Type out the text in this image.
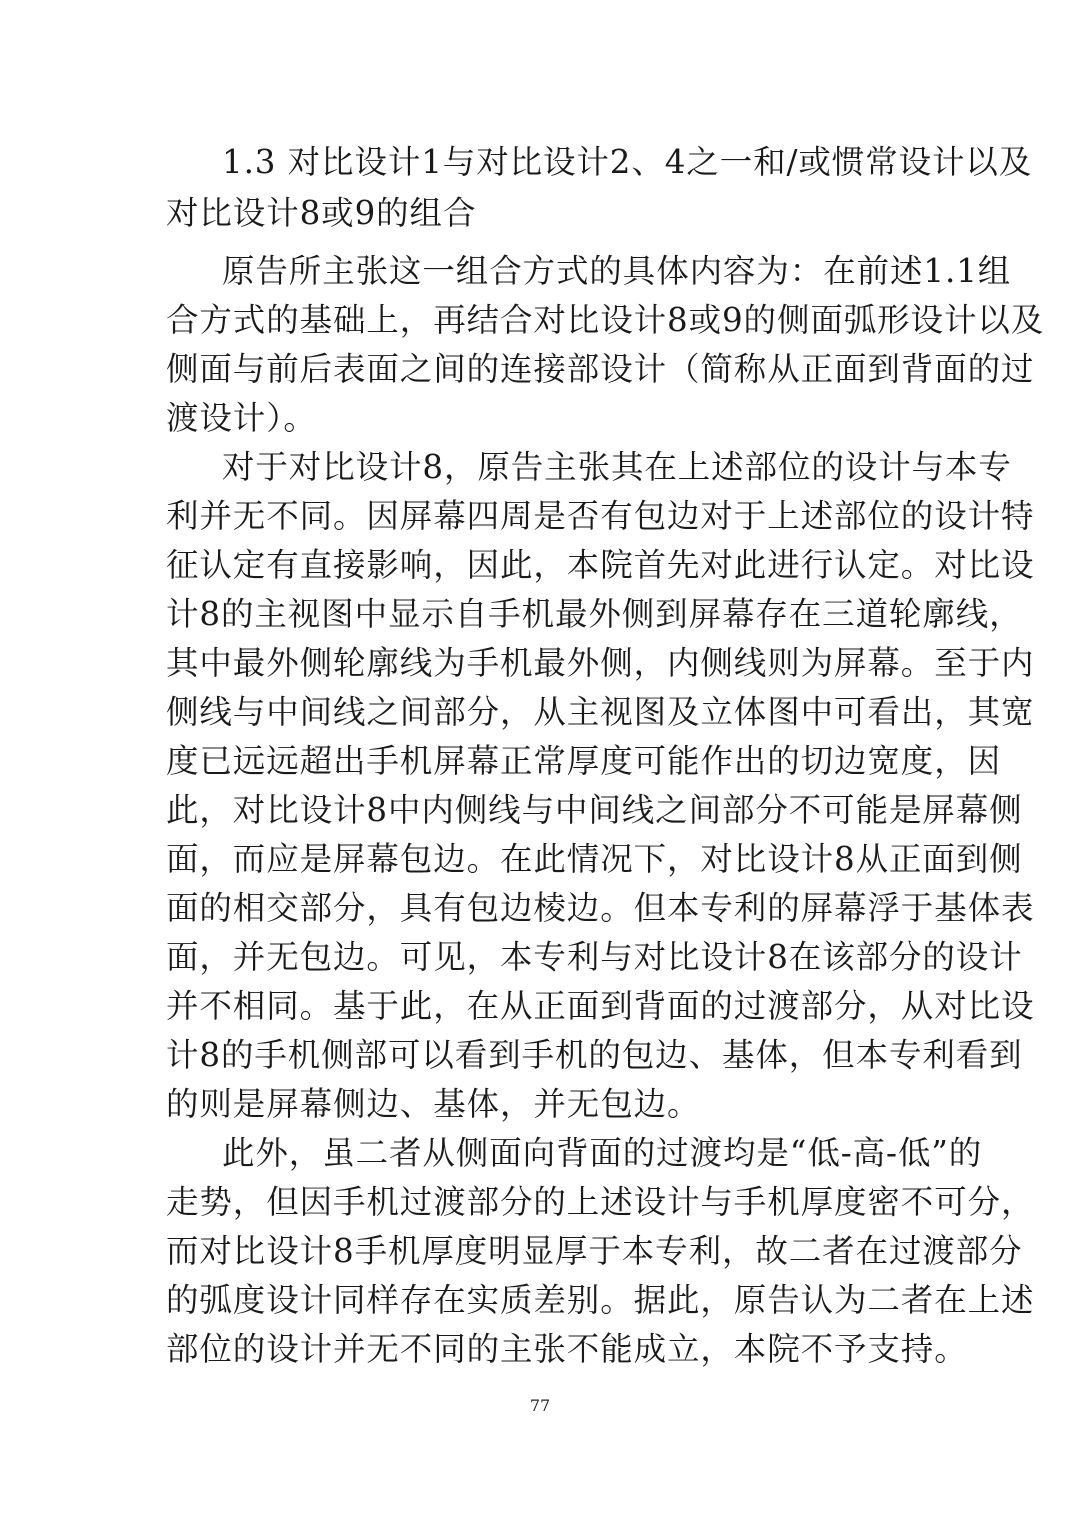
1.3 对比设计1与对比设计2、4之一和/或惯常设计以及
对比设计8或9的组合
原告所主张这一组合方式的具体内容为：在前述1.1组
合方式的基础上，再结合对比设计8或9的侧面弧形设计以及
侧面与前后表面之间的连接部设计（简称从正面到背面的过
渡设计）。
对于对比设计8，原告主张其在上述部位的设计与本专
利并无不同。因屏幕四周是否有包边对于上述部位的设计特
征认定有直接影响，因此，本院首先对此进行认定。对比设
计8的主视图中显示自手机最外侧到屏幕存在三道轮廓线，
其中最外侧轮廓线为手机最外侧，内侧线则为屏幕。至于内
侧线与中间线之间部分，从主视图及立体图中可看出，其宽
度已远远超出手机屏幕正常厚度可能作出的切边宽度，因
此，对比设计8中内侧线与中间线之间部分不可能是屏幕侧
面，而应是屏幕包边。在此情况下，对比设计8从正面到侧
面的相交部分，具有包边棱边。但本专利的屏幕浮于基体表
面，并无包边。可见，本专利与对比设计8在该部分的设计
并不相同。基于此，在从正面到背面的过渡部分，从对比设
计8的手机侧部可以看到手机的包边、基体，但本专利看到
的则是屏幕侧边、基体，并无包边。
此外，虽二者从侧面向背面的过渡均是“低-高-低”的
走势，但因手机过渡部分的上述设计与手机厚度密不可分，
而对比设计8手机厚度明显厚于本专利，故二者在过渡部分
的弧度设计同样存在实质差别。据此，原告认为二者在上述
部位的设计并无不同的主张不能成立，本院不予支持。
77
